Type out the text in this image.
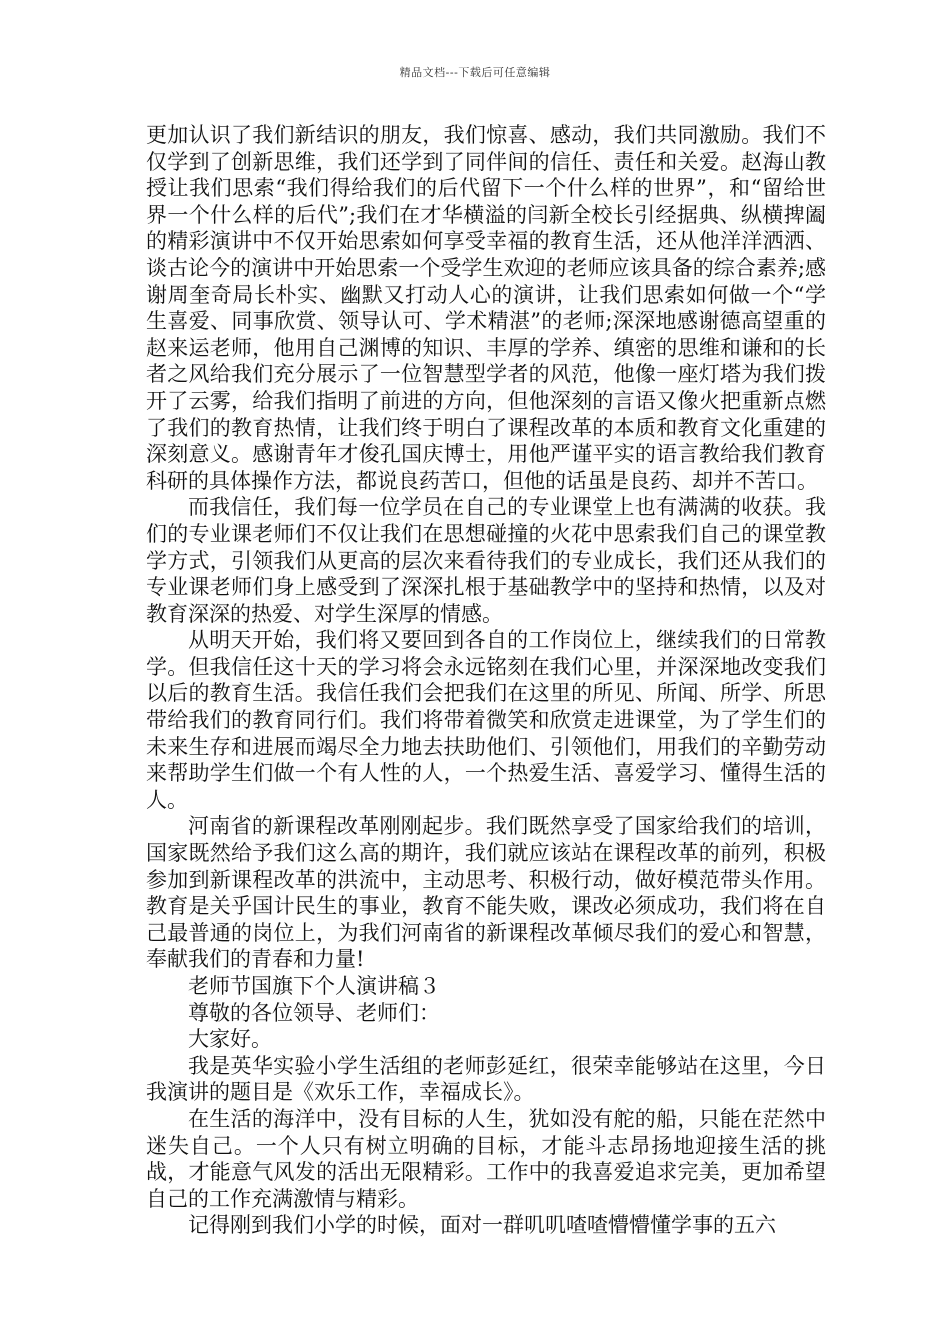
精品文档---下载后可任意编辑

更加认识了我们新结识的朋友，我们惊喜、感动，我们共同激励。我们不仅学到了创新思维，我们还学到了同伴间的信任、责任和关爱。赵海山教授让我们思索“我们得给我们的后代留下一个什么样的世界”，和“留给世界一个什么样的后代”;我们在才华横溢的闫新全校长引经据典、纵横捭阖的精彩演讲中不仅开始思索如何享受幸福的教育生活，还从他洋洋洒洒、谈古论今的演讲中开始思索一个受学生欢迎的老师应该具备的综合素养;感谢周奎奇局长朴实、幽默又打动人心的演讲，让我们思索如何做一个“学生喜爱、同事欣赏、领导认可、学术精湛”的老师;深深地感谢德高望重的赵来运老师，他用自己渊博的知识、丰厚的学养、缜密的思维和谦和的长者之风给我们充分展示了一位智慧型学者的风范，他像一座灯塔为我们拨开了云雾，给我们指明了前进的方向，但他深刻的言语又像火把重新点燃了我们的教育热情，让我们终于明白了课程改革的本质和教育文化重建的深刻意义。感谢青年才俊孔国庆博士，用他严谨平实的语言教给我们教育科研的具体操作方法，都说良药苦口，但他的话虽是良药、却并不苦口。

而我信任，我们每一位学员在自己的专业课堂上也有满满的收获。我们的专业课老师们不仅让我们在思想碰撞的火花中思索我们自己的课堂教学方式，引领我们从更高的层次来看待我们的专业成长，我们还从我们的专业课老师们身上感受到了深深扎根于基础教学中的坚持和热情，以及对教育深深的热爱、对学生深厚的情感。

从明天开始，我们将又要回到各自的工作岗位上，继续我们的日常教学。但我信任这十天的学习将会永远铭刻在我们心里，并深深地改变我们以后的教育生活。我信任我们会把我们在这里的所见、所闻、所学、所思带给我们的教育同行们。我们将带着微笑和欣赏走进课堂，为了学生们的未来生存和进展而竭尽全力地去扶助他们、引领他们，用我们的辛勤劳动来帮助学生们做一个有人性的人，一个热爱生活、喜爱学习、懂得生活的人。

河南省的新课程改革刚刚起步。我们既然享受了国家给我们的培训，国家既然给予我们这么高的期许，我们就应该站在课程改革的前列，积极参加到新课程改革的洪流中，主动思考、积极行动，做好模范带头作用。教育是关乎国计民生的事业，教育不能失败，课改必须成功，我们将在自己最普通的岗位上，为我们河南省的新课程改革倾尽我们的爱心和智慧，奉献我们的青春和力量!

老师节国旗下个人演讲稿３

尊敬的各位领导、老师们：

大家好。

我是英华实验小学生活组的老师彭延红，很荣幸能够站在这里，今日我演讲的题目是《欢乐工作，幸福成长》。

在生活的海洋中，没有目标的人生，犹如没有舵的船，只能在茫然中迷失自己。一个人只有树立明确的目标，才能斗志昂扬地迎接生活的挑战，才能意气风发的活出无限精彩。工作中的我喜爱追求完美，更加希望自己的工作充满激情与精彩。

记得刚到我们小学的时候，面对一群叽叽喳喳懵懵懂学事的五六
